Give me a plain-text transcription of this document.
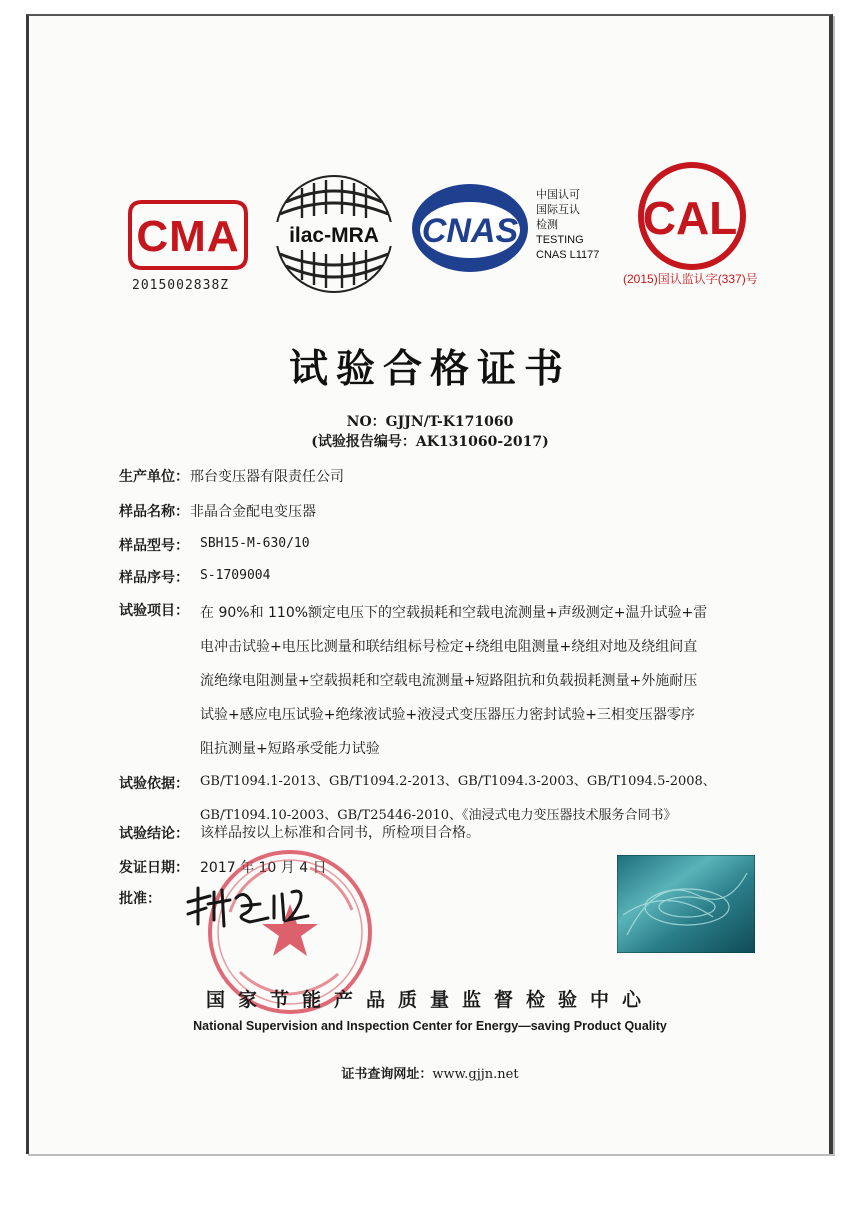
CMA
2015002838Z
ilac-MRA CNAS
中国认可
国际互认
检测
TESTING
CNAS L1177
CAL
(2015)国认监认字(337)号
试验合格证书
NO：GJJN/T-K171060
(试验报告编号：AK131060-2017)
生产单位： 邢台变压器有限责任公司
样品名称： 非晶合金配电变压器
样品型号： SBH15-M-630/10
样品序号： S-1709004
试验项目： 在 90%和 110%额定电压下的空载损耗和空载电流测量+声级测定+温升试验+雷
电冲击试验+电压比测量和联结组标号检定+绕组电阻测量+绕组对地及绕组间直
流绝缘电阻测量+空载损耗和空载电流测量+短路阻抗和负载损耗测量+外施耐压
试验+感应电压试验+绝缘液试验+液浸式变压器压力密封试验+三相变压器零序
阻抗测量+短路承受能力试验
试验依据： GB/T1094.1-2013、GB/T1094.2-2013、GB/T1094.3-2003、GB/T1094.5-2008、
GB/T1094.10-2003、GB/T25446-2010、《油浸式电力变压器技术服务合同书》
试验结论： 该样品按以上标准和合同书，所检项目合格。
发证日期： 2017 年 10 月 4 日
批准：
国家节能产品质量监督检验中心
National Supervision and Inspection Center for Energy—saving Product Quality
证书查询网址：www.gjjn.net
